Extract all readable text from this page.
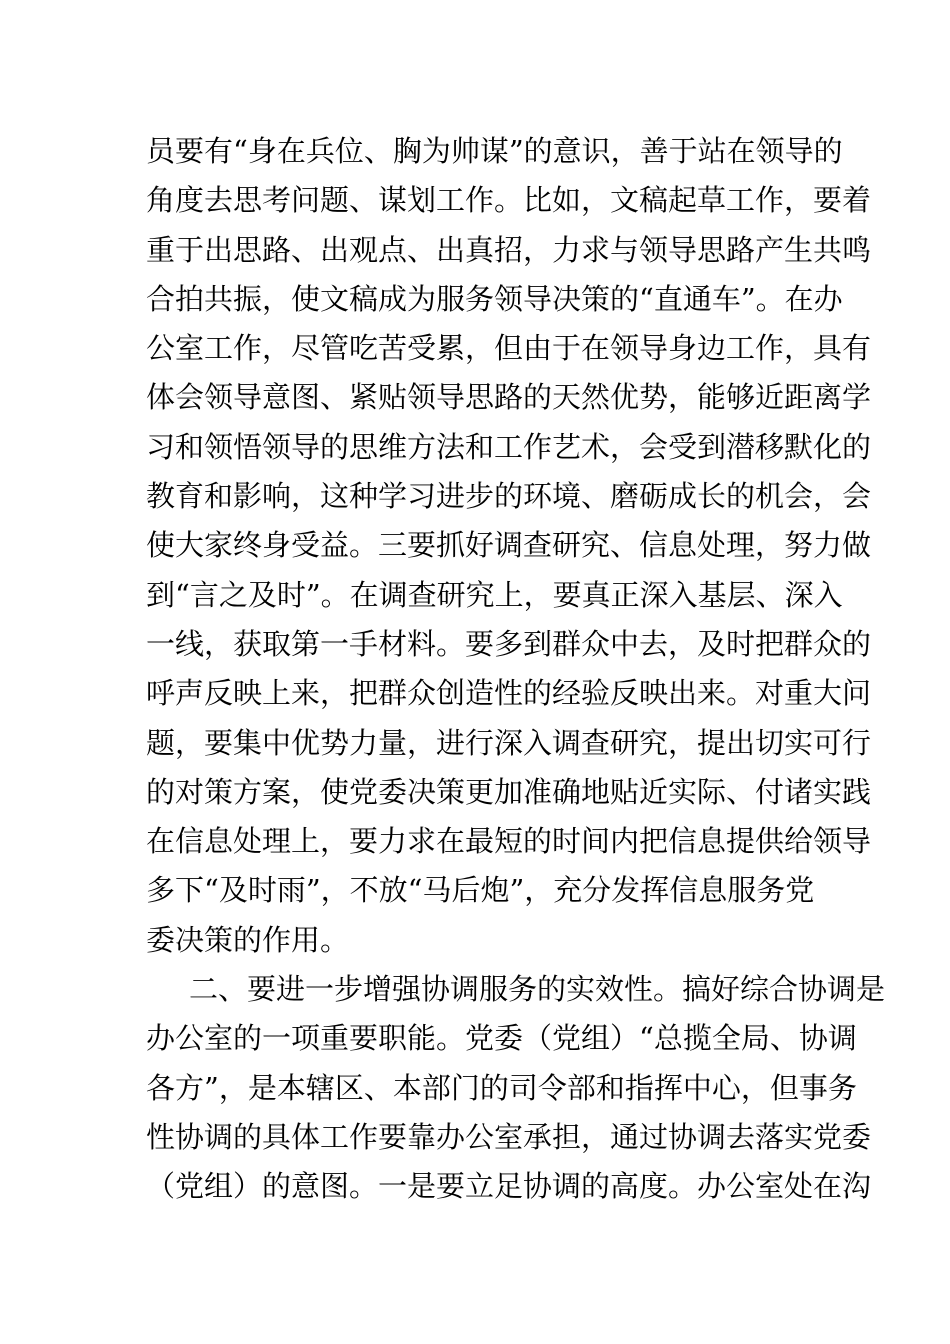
员要有“身在兵位、胸为帅谋”的意识，善于站在领导的
角度去思考问题、谋划工作。比如，文稿起草工作，要着
重于出思路、出观点、出真招，力求与领导思路产生共鸣
合拍共振，使文稿成为服务领导决策的“直通车”。在办
公室工作，尽管吃苦受累，但由于在领导身边工作，具有
体会领导意图、紧贴领导思路的天然优势，能够近距离学
习和领悟领导的思维方法和工作艺术，会受到潜移默化的
教育和影响，这种学习进步的环境、磨砺成长的机会，会
使大家终身受益。三要抓好调查研究、信息处理，努力做
到“言之及时”。在调查研究上，要真正深入基层、深入
一线，获取第一手材料。要多到群众中去，及时把群众的
呼声反映上来，把群众创造性的经验反映出来。对重大问
题，要集中优势力量，进行深入调查研究，提出切实可行
的对策方案，使党委决策更加准确地贴近实际、付诸实践
在信息处理上，要力求在最短的时间内把信息提供给领导
多下“及时雨”，不放“马后炮”，充分发挥信息服务党
委决策的作用。
二、要进一步增强协调服务的实效性。搞好综合协调是
办公室的一项重要职能。党委（党组）“总揽全局、协调
各方”，是本辖区、本部门的司令部和指挥中心，但事务
性协调的具体工作要靠办公室承担，通过协调去落实党委
（党组）的意图。一是要立足协调的高度。办公室处在沟
